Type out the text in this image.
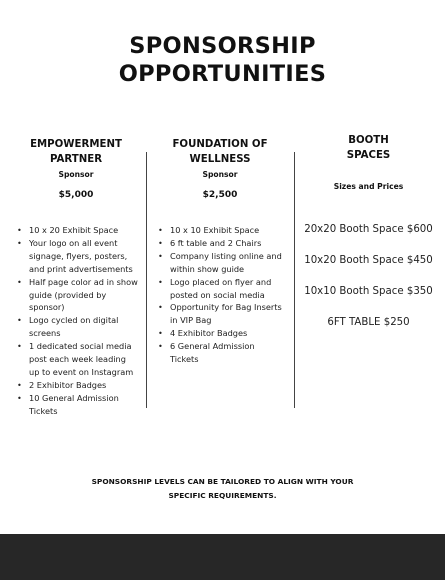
SPONSORSHIP
OPPORTUNITIES
EMPOWERMENT
PARTNER
Sponsor
$5,000
• 10 x 20 Exhibit Space
• Your logo on all event signage, flyers, posters, and print advertisements
• Half page color ad in show guide (provided by sponsor)
• Logo cycled on digital screens
• 1 dedicated social media post each week leading up to event on Instagram
• 2 Exhibitor Badges
• 10 General Admission Tickets
FOUNDATION OF
WELLNESS
Sponsor
$2,500
• 10 x 10 Exhibit Space
• 6 ft table and 2 Chairs
• Company listing online and within show guide
• Logo placed on flyer and posted on social media
• Opportunity for Bag Inserts in VIP Bag
• 4 Exhibitor Badges
• 6 General Admission Tickets
BOOTH
SPACES
Sizes and Prices
20x20 Booth Space $600
10x20 Booth Space $450
10x10 Booth Space $350
6FT TABLE $250
SPONSORSHIP LEVELS CAN BE TAILORED TO ALIGN WITH YOUR
SPECIFIC REQUIREMENTS.
